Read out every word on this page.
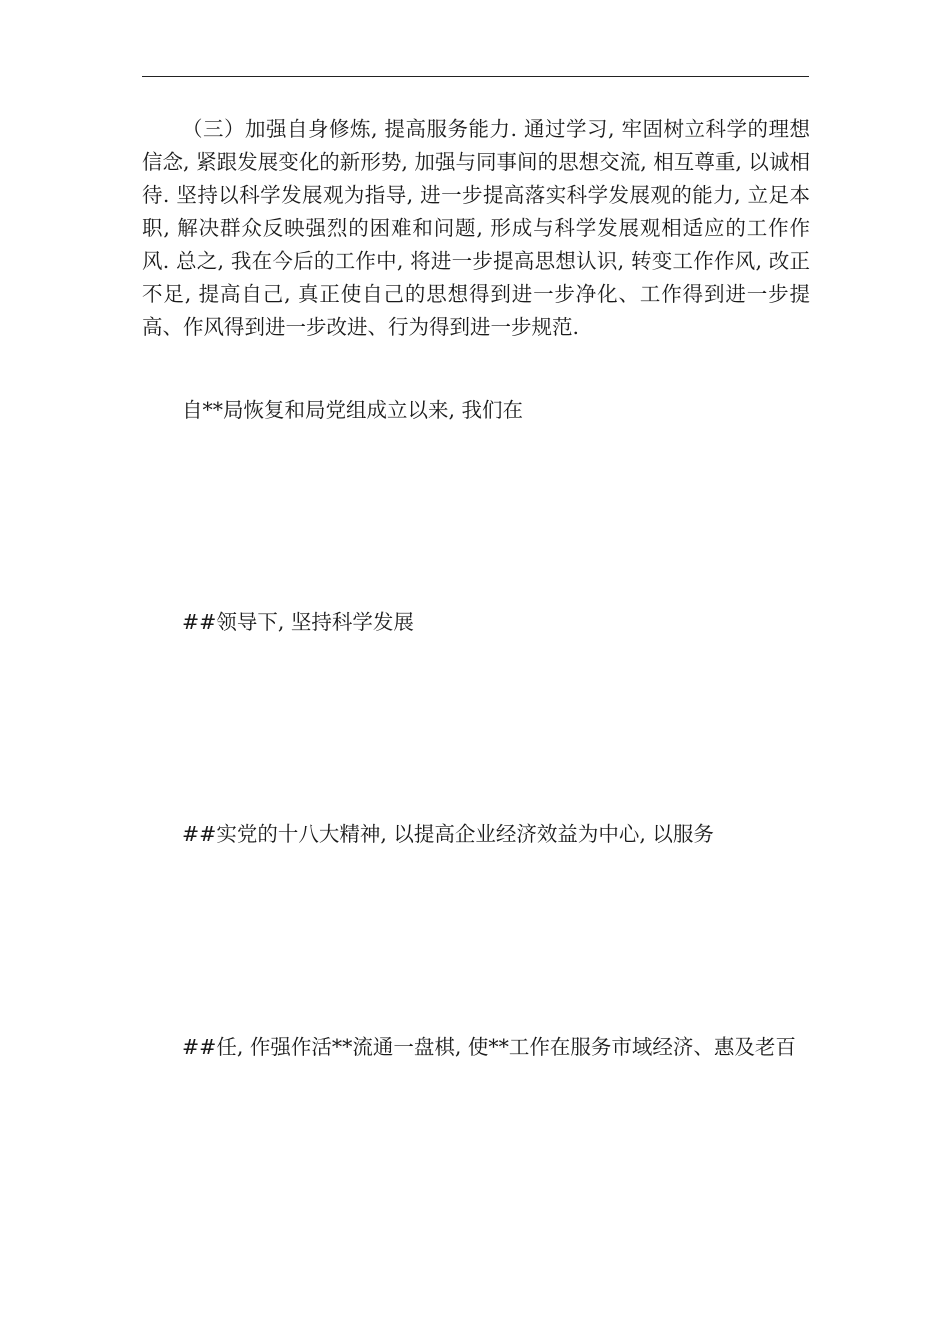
（三）加强自身修炼, 提高服务能力. 通过学习, 牢固树立科学的理想信念, 紧跟发展变化的新形势, 加强与同事间的思想交流, 相互尊重, 以诚相待. 坚持以科学发展观为指导, 进一步提高落实科学发展观的能力, 立足本职, 解决群众反映强烈的困难和问题, 形成与科学发展观相适应的工作作风. 总之, 我在今后的工作中, 将进一步提高思想认识, 转变工作作风, 改正不足, 提高自己, 真正使自己的思想得到进一步净化、工作得到进一步提高、作风得到进一步改进、行为得到进一步规范.

自**局恢复和局党组成立以来, 我们在

##领导下, 坚持科学发展

##实党的十八大精神, 以提高企业经济效益为中心, 以服务

##任, 作强作活**流通一盘棋, 使**工作在服务市域经济、惠及老百
